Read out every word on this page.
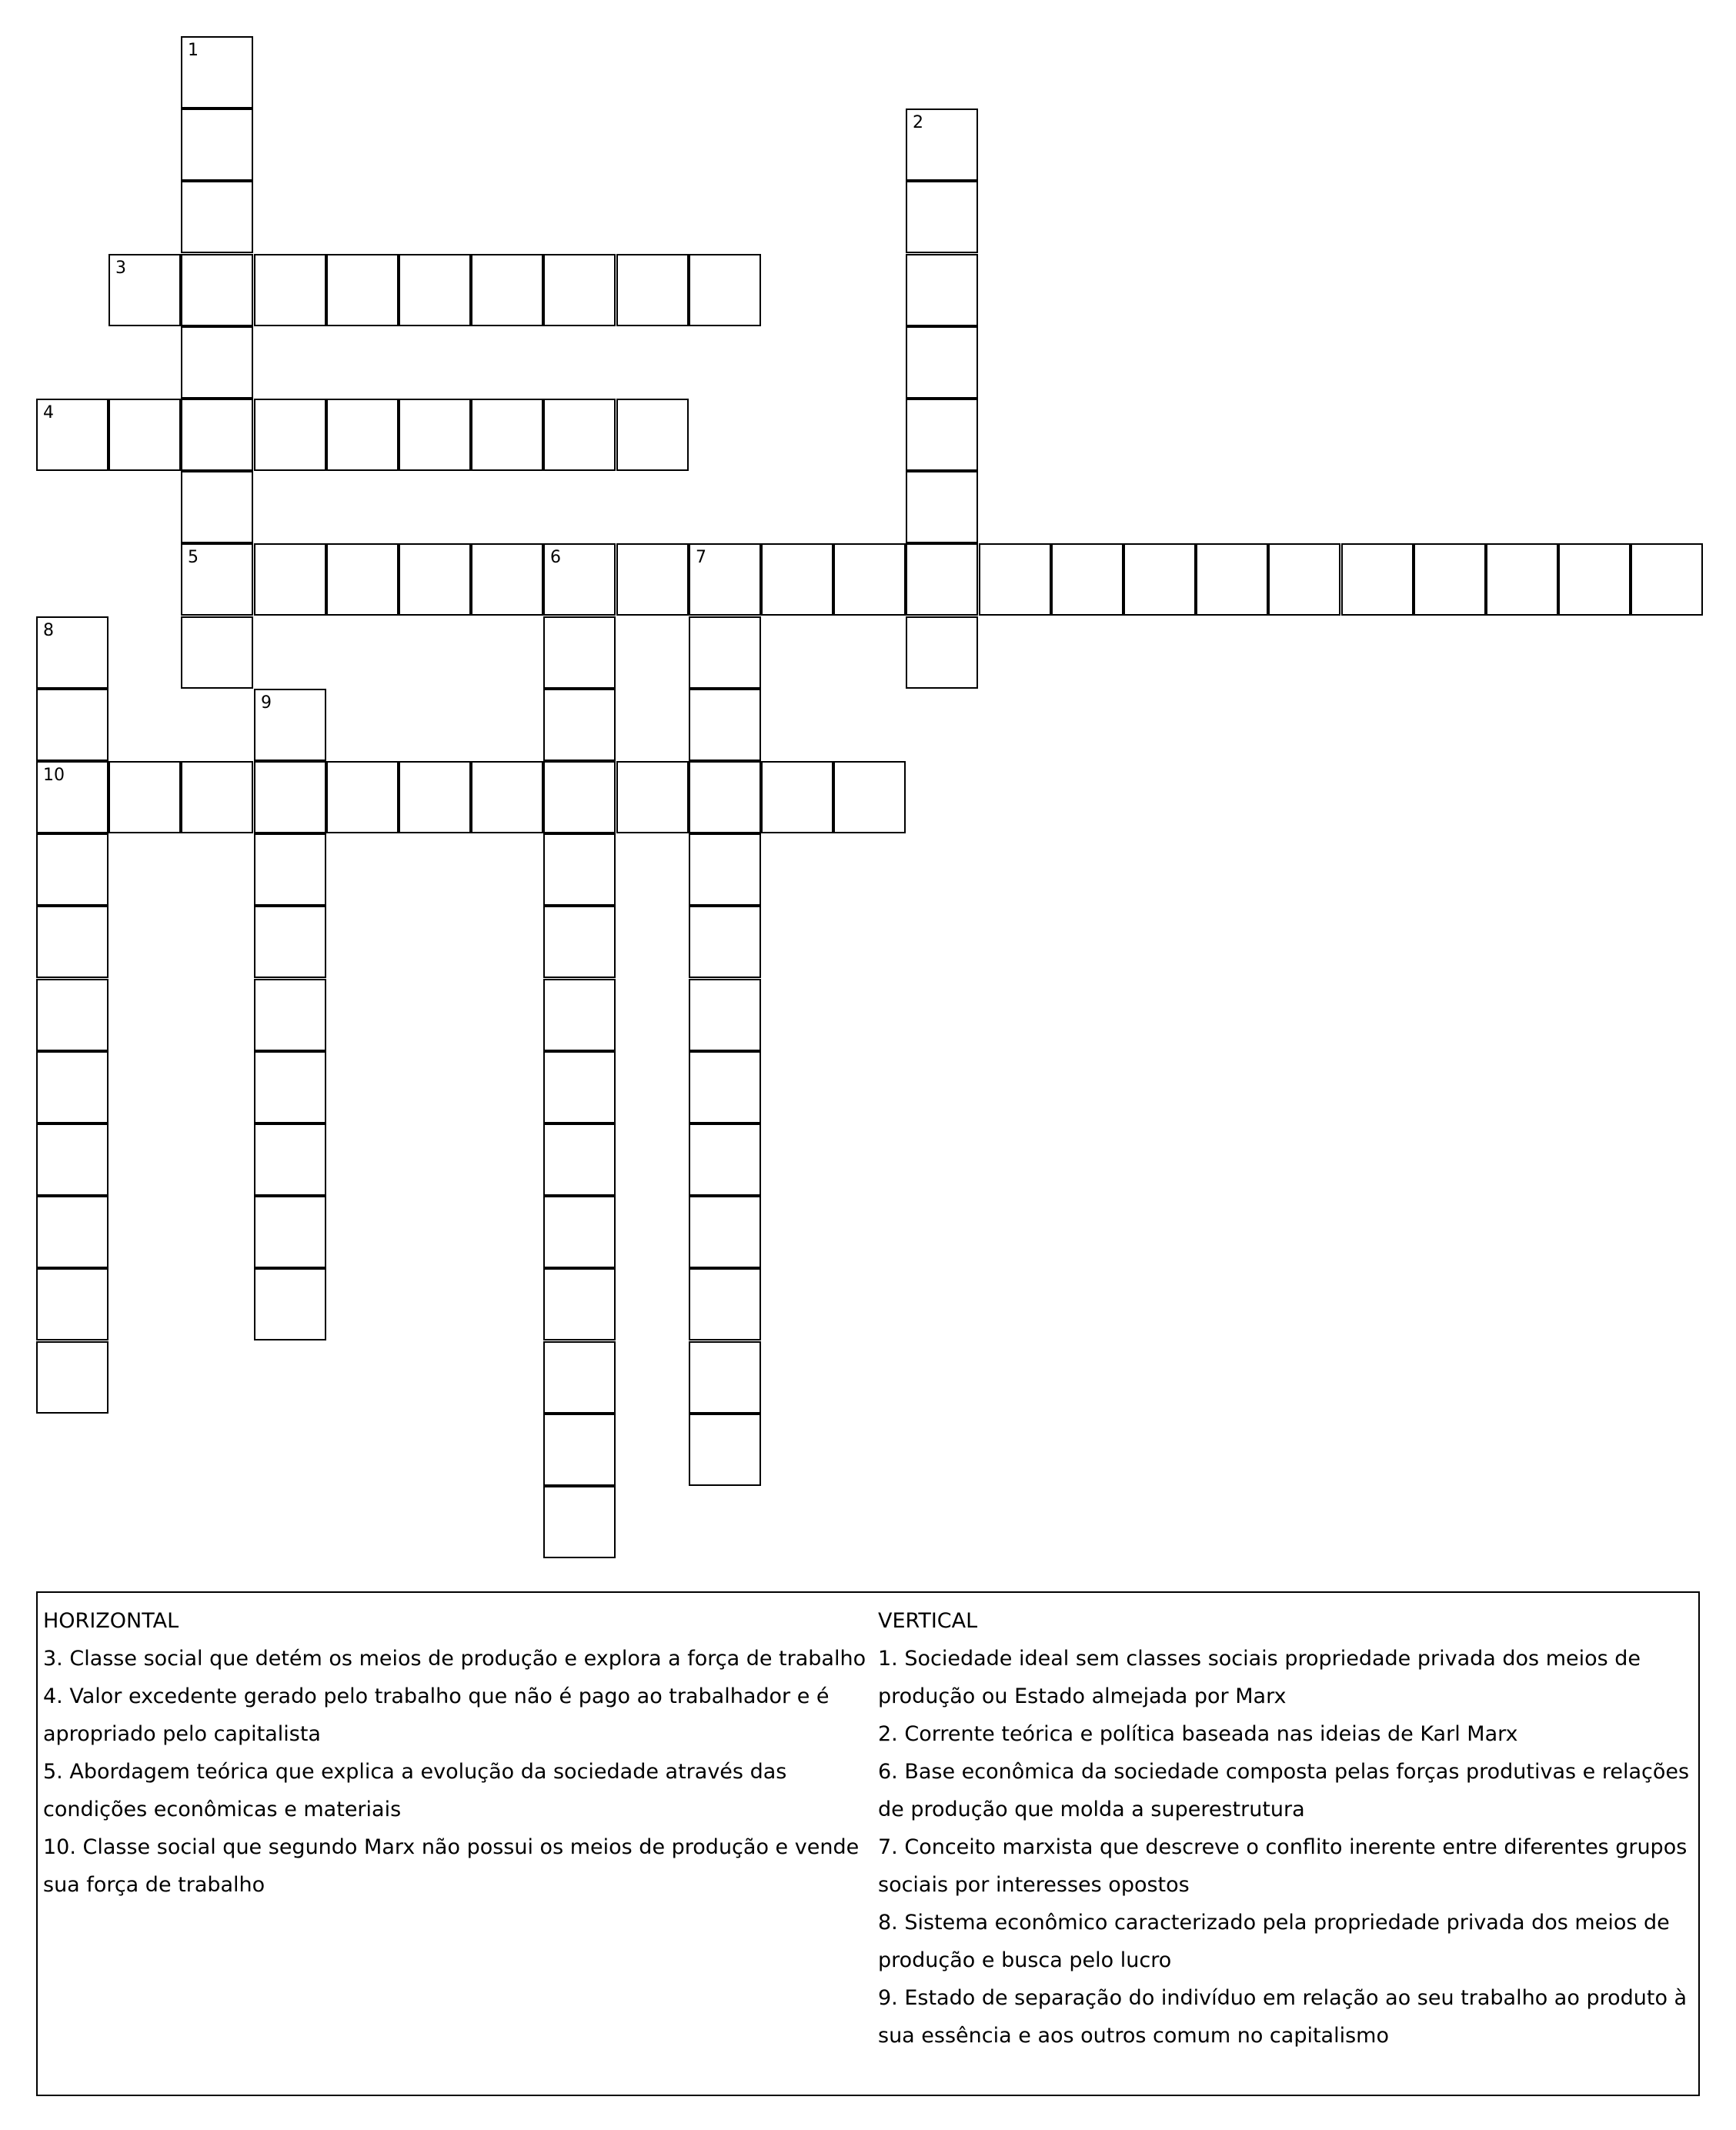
1
5
2
3
4
6	7
8
10
9
HORIZONTAL
3. Classe social que detém os meios de produção e explora a força de trabalho
4. Valor excedente gerado pelo trabalho que não é pago ao trabalhador e é apropriado pelo capitalista
5. Abordagem teórica que explica a evolução da sociedade através das condições econômicas e materiais
10. Classe social que segundo Marx não possui os meios de produção e vende sua força de trabalho
VERTICAL
1. Sociedade ideal sem classes sociais propriedade privada dos meios de produção ou Estado almejada por Marx
2. Corrente teórica e política baseada nas ideias de Karl Marx
6. Base econômica da sociedade composta pelas forças produtivas e relações de produção que molda a superestrutura
7. Conceito marxista que descreve o conflito inerente entre diferentes grupos sociais por interesses opostos
8. Sistema econômico caracterizado pela propriedade privada dos meios de produção e busca pelo lucro
9. Estado de separação do indivíduo em relação ao seu trabalho ao produto à sua essência e aos outros comum no capitalismo
